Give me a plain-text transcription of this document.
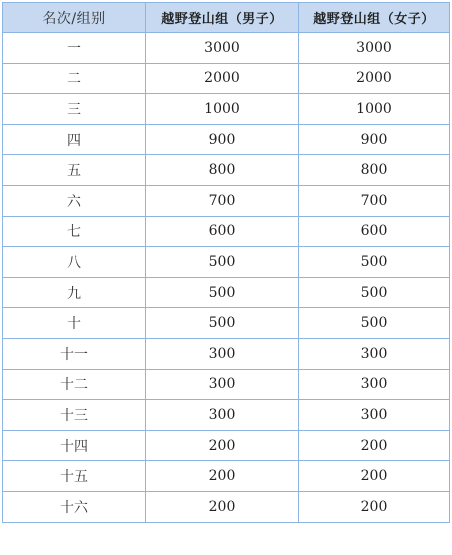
名次/组别	越野登山组（男子）	越野登山组（女子）
一	3000	3000
二	2000	2000
三	1000	1000
四	900	900
五	800	800
六	700	700
七	600	600
八	500	500
九	500	500
十	500	500
十一	300	300
十二	300	300
十三	300	300
十四	200	200
十五	200	200
十六	200	200
